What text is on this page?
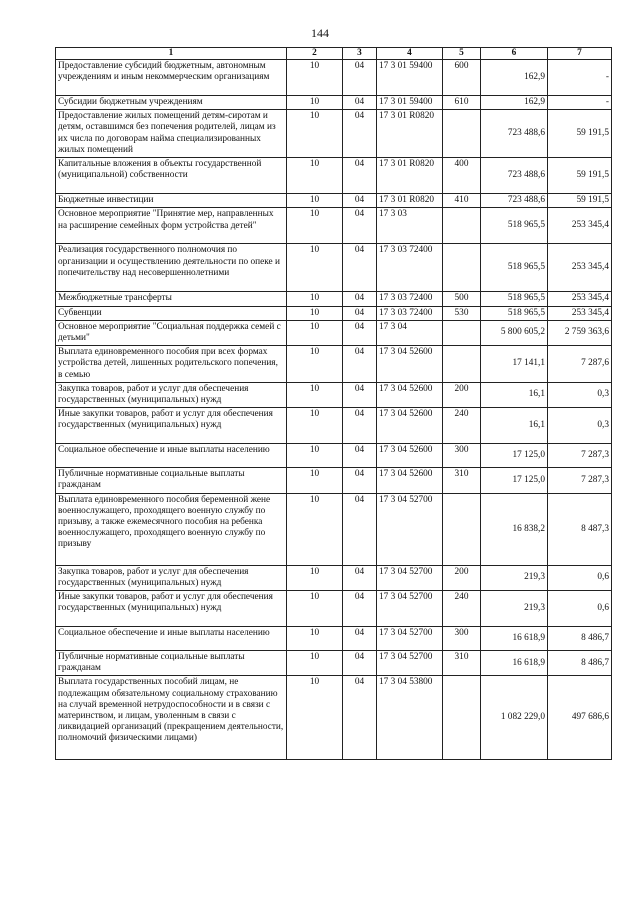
144
1	2	3	4	5	6	7
Предоставление субсидий бюджетным, автономным учреждениям и иным некоммерческим организациям	10	04	17 3 01 59400	600	162,9	-
Субсидии бюджетным учреждениям	10	04	17 3 01 59400	610	162,9	-
Предоставление жилых помещений детям-сиротам и детям, оставшимся без попечения родителей, лицам из их числа по договорам найма специализированных жилых помещений	10	04	17 3 01 R0820		723 488,6	59 191,5
Капитальные вложения в объекты государственной (муниципальной) собственности	10	04	17 3 01 R0820	400	723 488,6	59 191,5
Бюджетные инвестиции	10	04	17 3 01 R0820	410	723 488,6	59 191,5
Основное мероприятие "Принятие мер, направленных на расширение семейных форм устройства детей"	10	04	17 3 03		518 965,5	253 345,4
Реализация государственного полномочия по организации и осуществлению деятельности по опеке и попечительству над несовершеннолетними	10	04	17 3 03 72400		518 965,5	253 345,4
Межбюджетные трансферты	10	04	17 3 03 72400	500	518 965,5	253 345,4
Субвенции	10	04	17 3 03 72400	530	518 965,5	253 345,4
Основное мероприятие "Социальная поддержка семей с детьми"	10	04	17 3 04		5 800 605,2	2 759 363,6
Выплата единовременного пособия при всех формах устройства детей, лишенных родительского попечения, в семью	10	04	17 3 04 52600		17 141,1	7 287,6
Закупка товаров, работ и услуг для обеспечения государственных (муниципальных) нужд	10	04	17 3 04 52600	200	16,1	0,3
Иные закупки товаров, работ и услуг для обеспечения государственных (муниципальных) нужд	10	04	17 3 04 52600	240	16,1	0,3
Социальное обеспечение и иные выплаты населению	10	04	17 3 04 52600	300	17 125,0	7 287,3
Публичные нормативные социальные выплаты гражданам	10	04	17 3 04 52600	310	17 125,0	7 287,3
Выплата единовременного пособия беременной жене военнослужащего, проходящего военную службу по призыву, а также ежемесячного пособия на ребенка военнослужащего, проходящего военную службу по призыву	10	04	17 3 04 52700		16 838,2	8 487,3
Закупка товаров, работ и услуг для обеспечения государственных (муниципальных) нужд	10	04	17 3 04 52700	200	219,3	0,6
Иные закупки товаров, работ и услуг для обеспечения государственных (муниципальных) нужд	10	04	17 3 04 52700	240	219,3	0,6
Социальное обеспечение и иные выплаты населению	10	04	17 3 04 52700	300	16 618,9	8 486,7
Публичные нормативные социальные выплаты гражданам	10	04	17 3 04 52700	310	16 618,9	8 486,7
Выплата государственных пособий лицам, не подлежащим обязательному социальному страхованию на случай временной нетрудоспособности и в связи с материнством, и лицам, уволенным в связи с ликвидацией организаций (прекращением деятельности, полномочий физическими лицами)	10	04	17 3 04 53800		1 082 229,0	497 686,6
